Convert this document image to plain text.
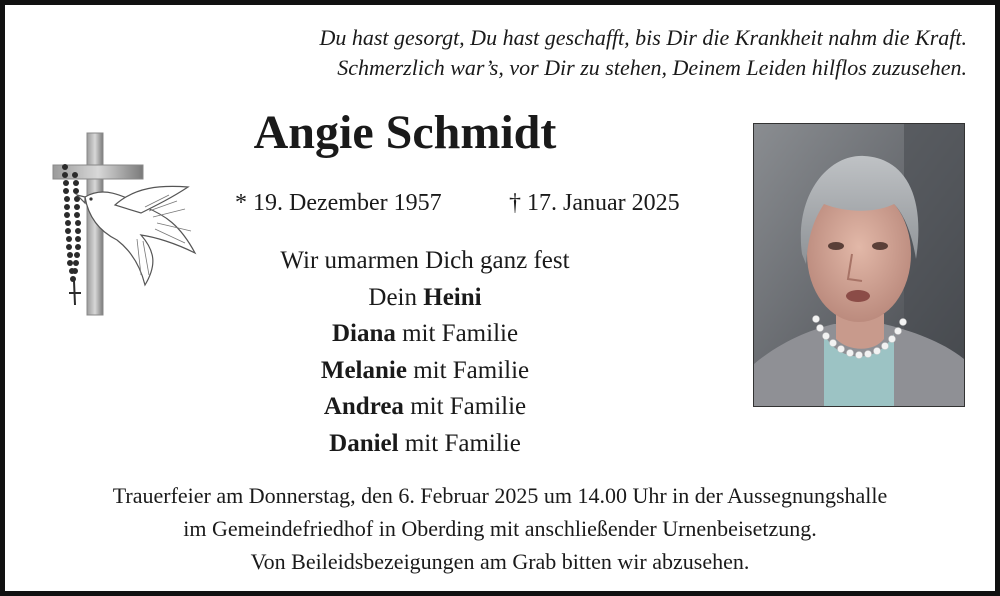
Du hast gesorgt, Du hast geschafft, bis Dir die Krankheit nahm die Kraft.
Schmerzlich war’s, vor Dir zu stehen, Deinem Leiden hilflos zuzusehen.
Angie Schmidt
* 19. Dezember 1957	† 17. Januar 2025
Wir umarmen Dich ganz fest
Dein Heini
Diana mit Familie
Melanie mit Familie
Andrea mit Familie
Daniel mit Familie
Trauerfeier am Donnerstag, den 6. Februar 2025 um 14.00 Uhr in der Aussegnungshalle
im Gemeindefriedhof in Oberding mit anschließender Urnenbeisetzung.
Von Beileidsbezeigungen am Grab bitten wir abzusehen.
